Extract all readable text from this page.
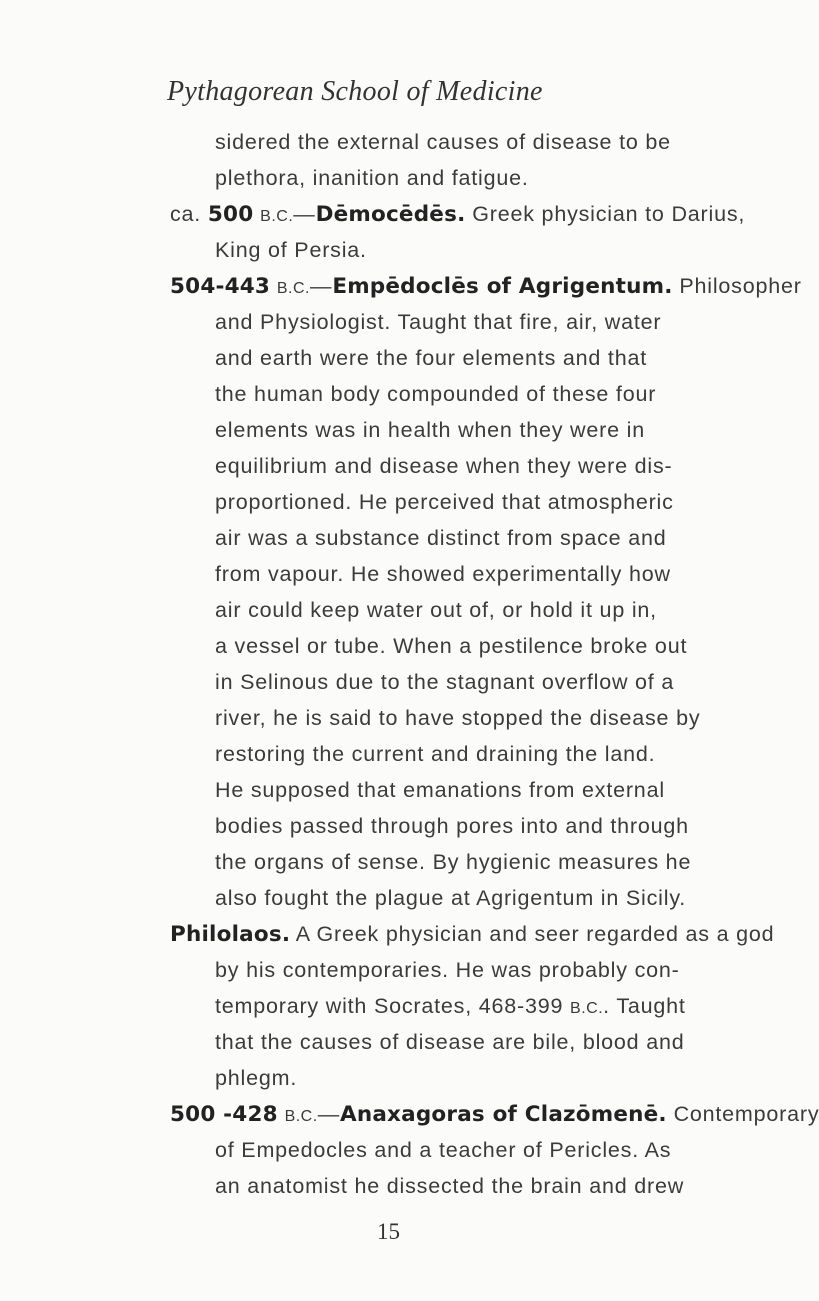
Pythagorean School of Medicine
sidered the external causes of disease to be
plethora, inanition and fatigue.
ca. 500 B.C.—Dēmocēdēs. Greek physician to Darius,
King of Persia.
504-443 B.C.—Empēdoclēs of Agrigentum. Philosopher
and Physiologist. Taught that fire, air, water
and earth were the four elements and that
the human body compounded of these four
elements was in health when they were in
equilibrium and disease when they were dis-
proportioned. He perceived that atmospheric
air was a substance distinct from space and
from vapour. He showed experimentally how
air could keep water out of, or hold it up in,
a vessel or tube. When a pestilence broke out
in Selinous due to the stagnant overflow of a
river, he is said to have stopped the disease by
restoring the current and draining the land.
He supposed that emanations from external
bodies passed through pores into and through
the organs of sense. By hygienic measures he
also fought the plague at Agrigentum in Sicily.
Philolaos. A Greek physician and seer regarded as a god
by his contemporaries. He was probably con-
temporary with Socrates, 468-399 B.C.. Taught
that the causes of disease are bile, blood and
phlegm.
500 -428 B.C.—Anaxagoras of Clazōmenē. Contemporary
of Empedocles and a teacher of Pericles. As
an anatomist he dissected the brain and drew
15
